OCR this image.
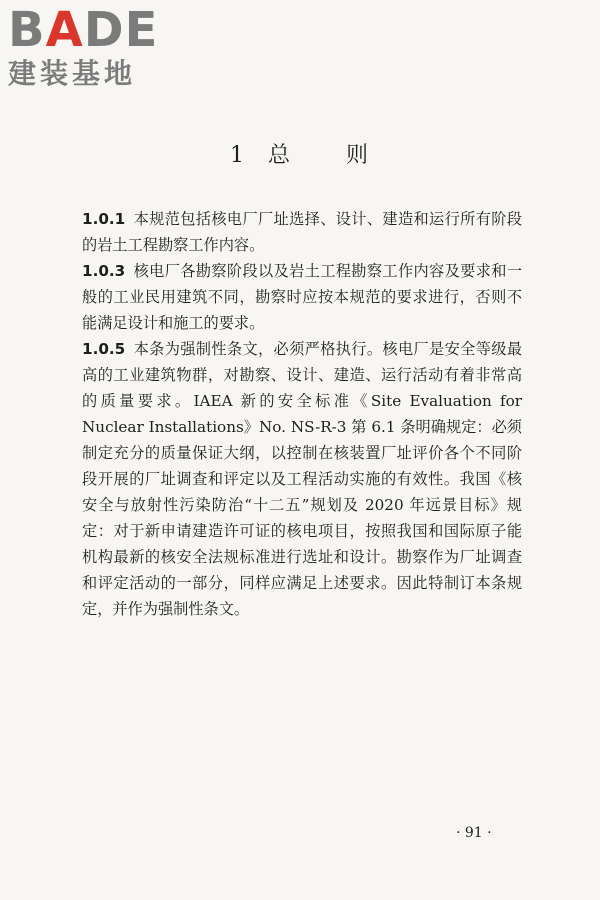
BADE
建装基地
1 总 则

1.0.1 本规范包括核电厂厂址选择、设计、建造和运行所有阶段的岩土工程勘察工作内容。

1.0.3 核电厂各勘察阶段以及岩土工程勘察工作内容及要求和一般的工业民用建筑不同，勘察时应按本规范的要求进行，否则不能满足设计和施工的要求。

1.0.5 本条为强制性条文，必须严格执行。核电厂是安全等级最高的工业建筑物群，对勘察、设计、建造、运行活动有着非常高的质量要求。IAEA 新的安全标准《Site Evaluation for Nuclear Installations》No. NS-R-3 第 6.1 条明确规定：必须制定充分的质量保证大纲，以控制在核装置厂址评价各个不同阶段开展的厂址调查和评定以及工程活动实施的有效性。我国《核安全与放射性污染防治“十二五”规划及 2020 年远景目标》规定：对于新申请建造许可证的核电项目，按照我国和国际原子能机构最新的核安全法规标准进行选址和设计。勘察作为厂址调查和评定活动的一部分，同样应满足上述要求。因此特制订本条规定，并作为强制性条文。

· 91 ·
